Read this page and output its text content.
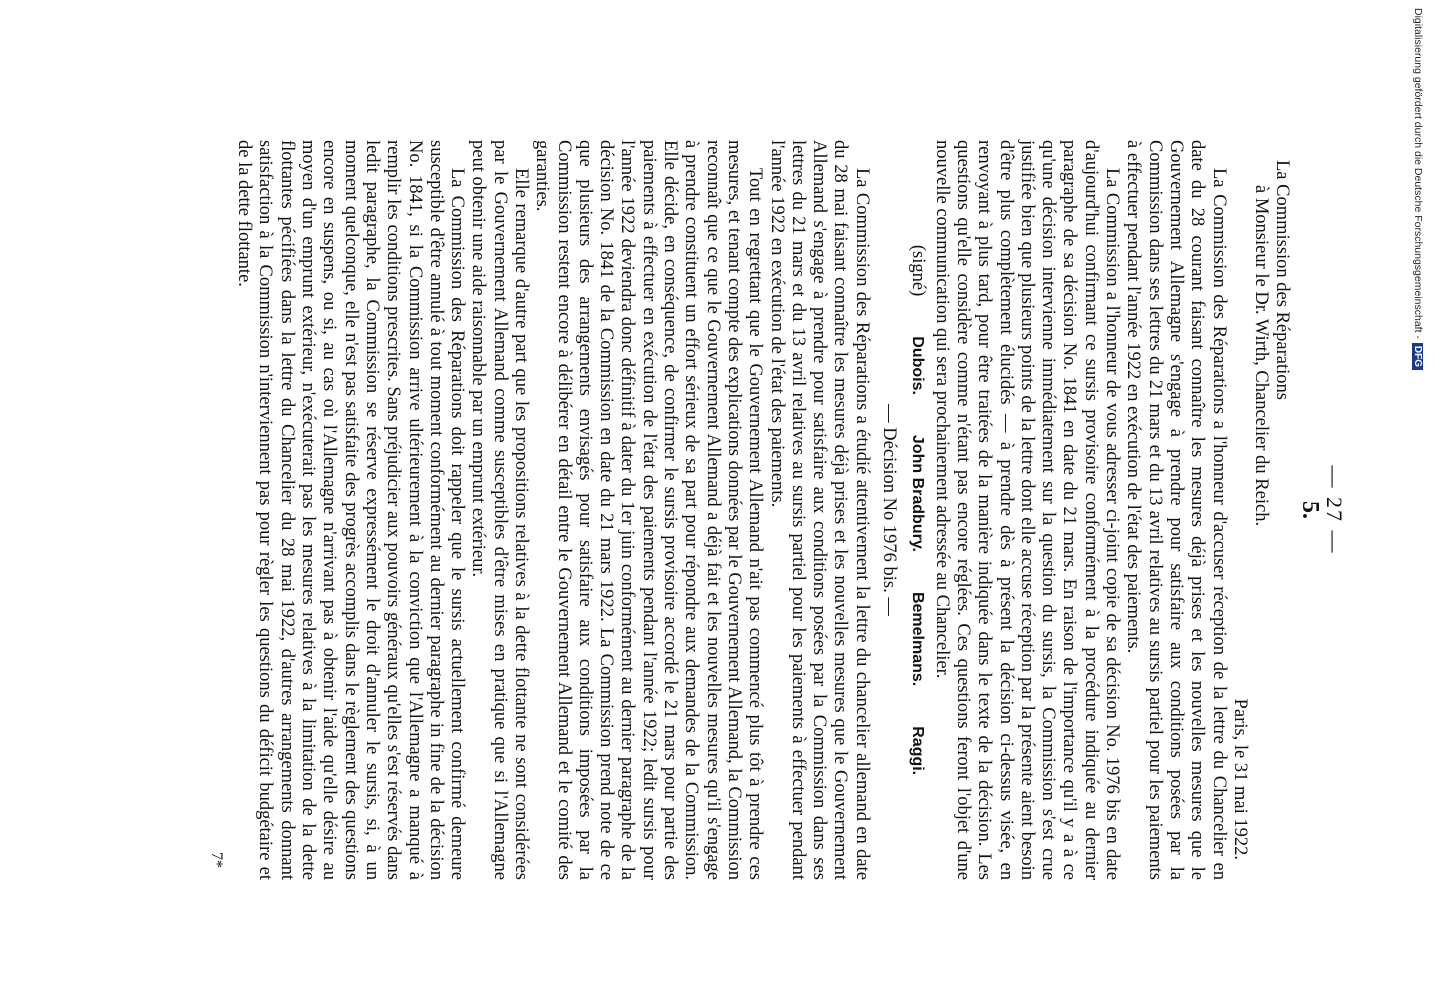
— 27 —
5.
La Commission des Réparations
à Monsieur le Dr. Wirth, Chancelier du Reich.
Paris, le 31 mai 1922.

La Commission des Réparations a l'honneur d'accuser réception de la lettre du Chancelier en date du 28 courant faisant connaître les mesures déjà prises et les nouvelles mesures que le Gouvernement Allemagne s'engage à prendre pour satisfaire aux conditions posées par la Commission dans ses lettres du 21 mars et du 13 avril relatives au sursis partiel pour les paiements à effectuer pendant l'année 1922 en exécution de l'état des paiements.

La Commission a l'honneur de vous adresser ci-joint copie de sa décision No. 1976 bis en date d'aujourd'hui confirmant ce sursis provisoire conformément à la procédure indiquée au dernier paragraphe de sa décision No. 1841 en date du 21 mars. En raison de l'importance qu'il y a à ce qu'une décision intervienne immédiatement sur la question du sursis, la Commission s'est crue justifiée bien que plusieurs points de la lettre dont elle accuse réception par la présente aient besoin d'être plus complètement élucidés — à prendre dès à présent la décision ci-dessus visée, en renvoyant à plus tard, pour être traitées de la manière indiquée dans le texte de la décision. Les questions qu'elle considère comme n'étant pas encore réglées. Ces questions feront l'objet d'une nouvelle communication qui sera prochainement adressée au Chancelier.

(signé)
Dubois.
John Bradbury.
Bemelmans.
Raggi.
— Décision No 1976 bis. —

La Commission des Réparations a étudié attentivement la lettre du chancelier allemand en date du 28 mai faisant connaître les mesures déjà prises et les nouvelles mesures que le Gouvernement Allemand s'engage à prendre pour satisfaire aux conditions posées par la Commission dans ses lettres du 21 mars et du 13 avril relatives au sursis partiel pour les paiements à effectuer pendant l'année 1922 en exécution de l'état des paiements.

Tout en regrettant que le Gouvernement Allemand n'ait pas commencé plus tôt à prendre ces mesures, et tenant compte des explications données par le Gouvernement Allemand, la Commission reconnaît que ce que le Gouvernement Allemand a déjà fait et les nouvelles mesures qu'il s'engage à prendre constituent un effort sérieux de sa part pour répondre aux demandes de la Commission. Elle décide, en conséquence, de confirmer le sursis provisoire accordé le 21 mars pour partie des paiements à effectuer en exécution de l'état des paiements pendant l'année 1922; ledit sursis pour l'année 1922 deviendra donc définitif à dater du 1er juin conformément au dernier paragraphe de la décision No. 1841 de la Commission en date du 21 mars 1922. La Commission prend note de ce que plusieurs des arrangements envisagés pour satisfaire aux conditions imposées par la Commission restent encore à délibérer en détail entre le Gouvernement Allemand et le comité des garanties.

Elle remarque d'autre part que les propositions relatives à la dette flottante ne sont considérées par le Gouvernement Allemand comme susceptibles d'être mises en pratique que si l'Allemagne peut obtenir une aide raisonnable par un emprunt extérieur.

La Commission des Réparations doit rappeler que le sursis actuellement confirmé demeure susceptible d'être annulé à tout moment conformément au dernier paragraphe in fine de la décision No. 1841, si la Commission arrive ultérieurement à la conviction que l'Allemagne a manqué à remplir les conditions prescrites. Sans préjudicier aux pouvoirs généraux qu'elles s'est réservés dans ledit paragraphe, la Commission se réserve expressément le droit d'annuler le sursis, si, à un moment quelconque, elle n'est pas satisfaite des progrès accomplis dans le règlement des questions encore en suspens, ou si, au cas où l'Allemagne n'arrivant pas à obtenir l'aide qu'elle désire au moyen d'un emprunt extérieur, n'exécuterait pas les mesures relatives à la limitation de la dette flottantes pécifiées dans la lettre du Chancelier du 28 mai 1922, d'autres arrangements donnant satisfaction à la Commission n'interviennent pas pour règler les questions du déficit budgétaire et de la dette flottante.

7*
Digitalisierung gefördert durch die Deutsche Forschungsgemeinschaft -DFG
